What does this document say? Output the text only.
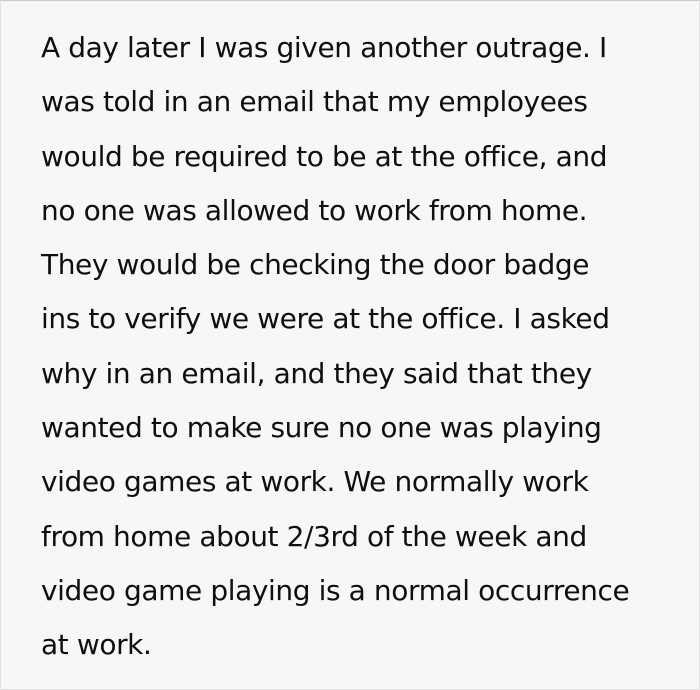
A day later I was given another outrage. I
was told in an email that my employees
would be required to be at the office, and
no one was allowed to work from home.
They would be checking the door badge
ins to verify we were at the office. I asked
why in an email, and they said that they
wanted to make sure no one was playing
video games at work. We normally work
from home about 2/3rd of the week and
video game playing is a normal occurrence
at work.
